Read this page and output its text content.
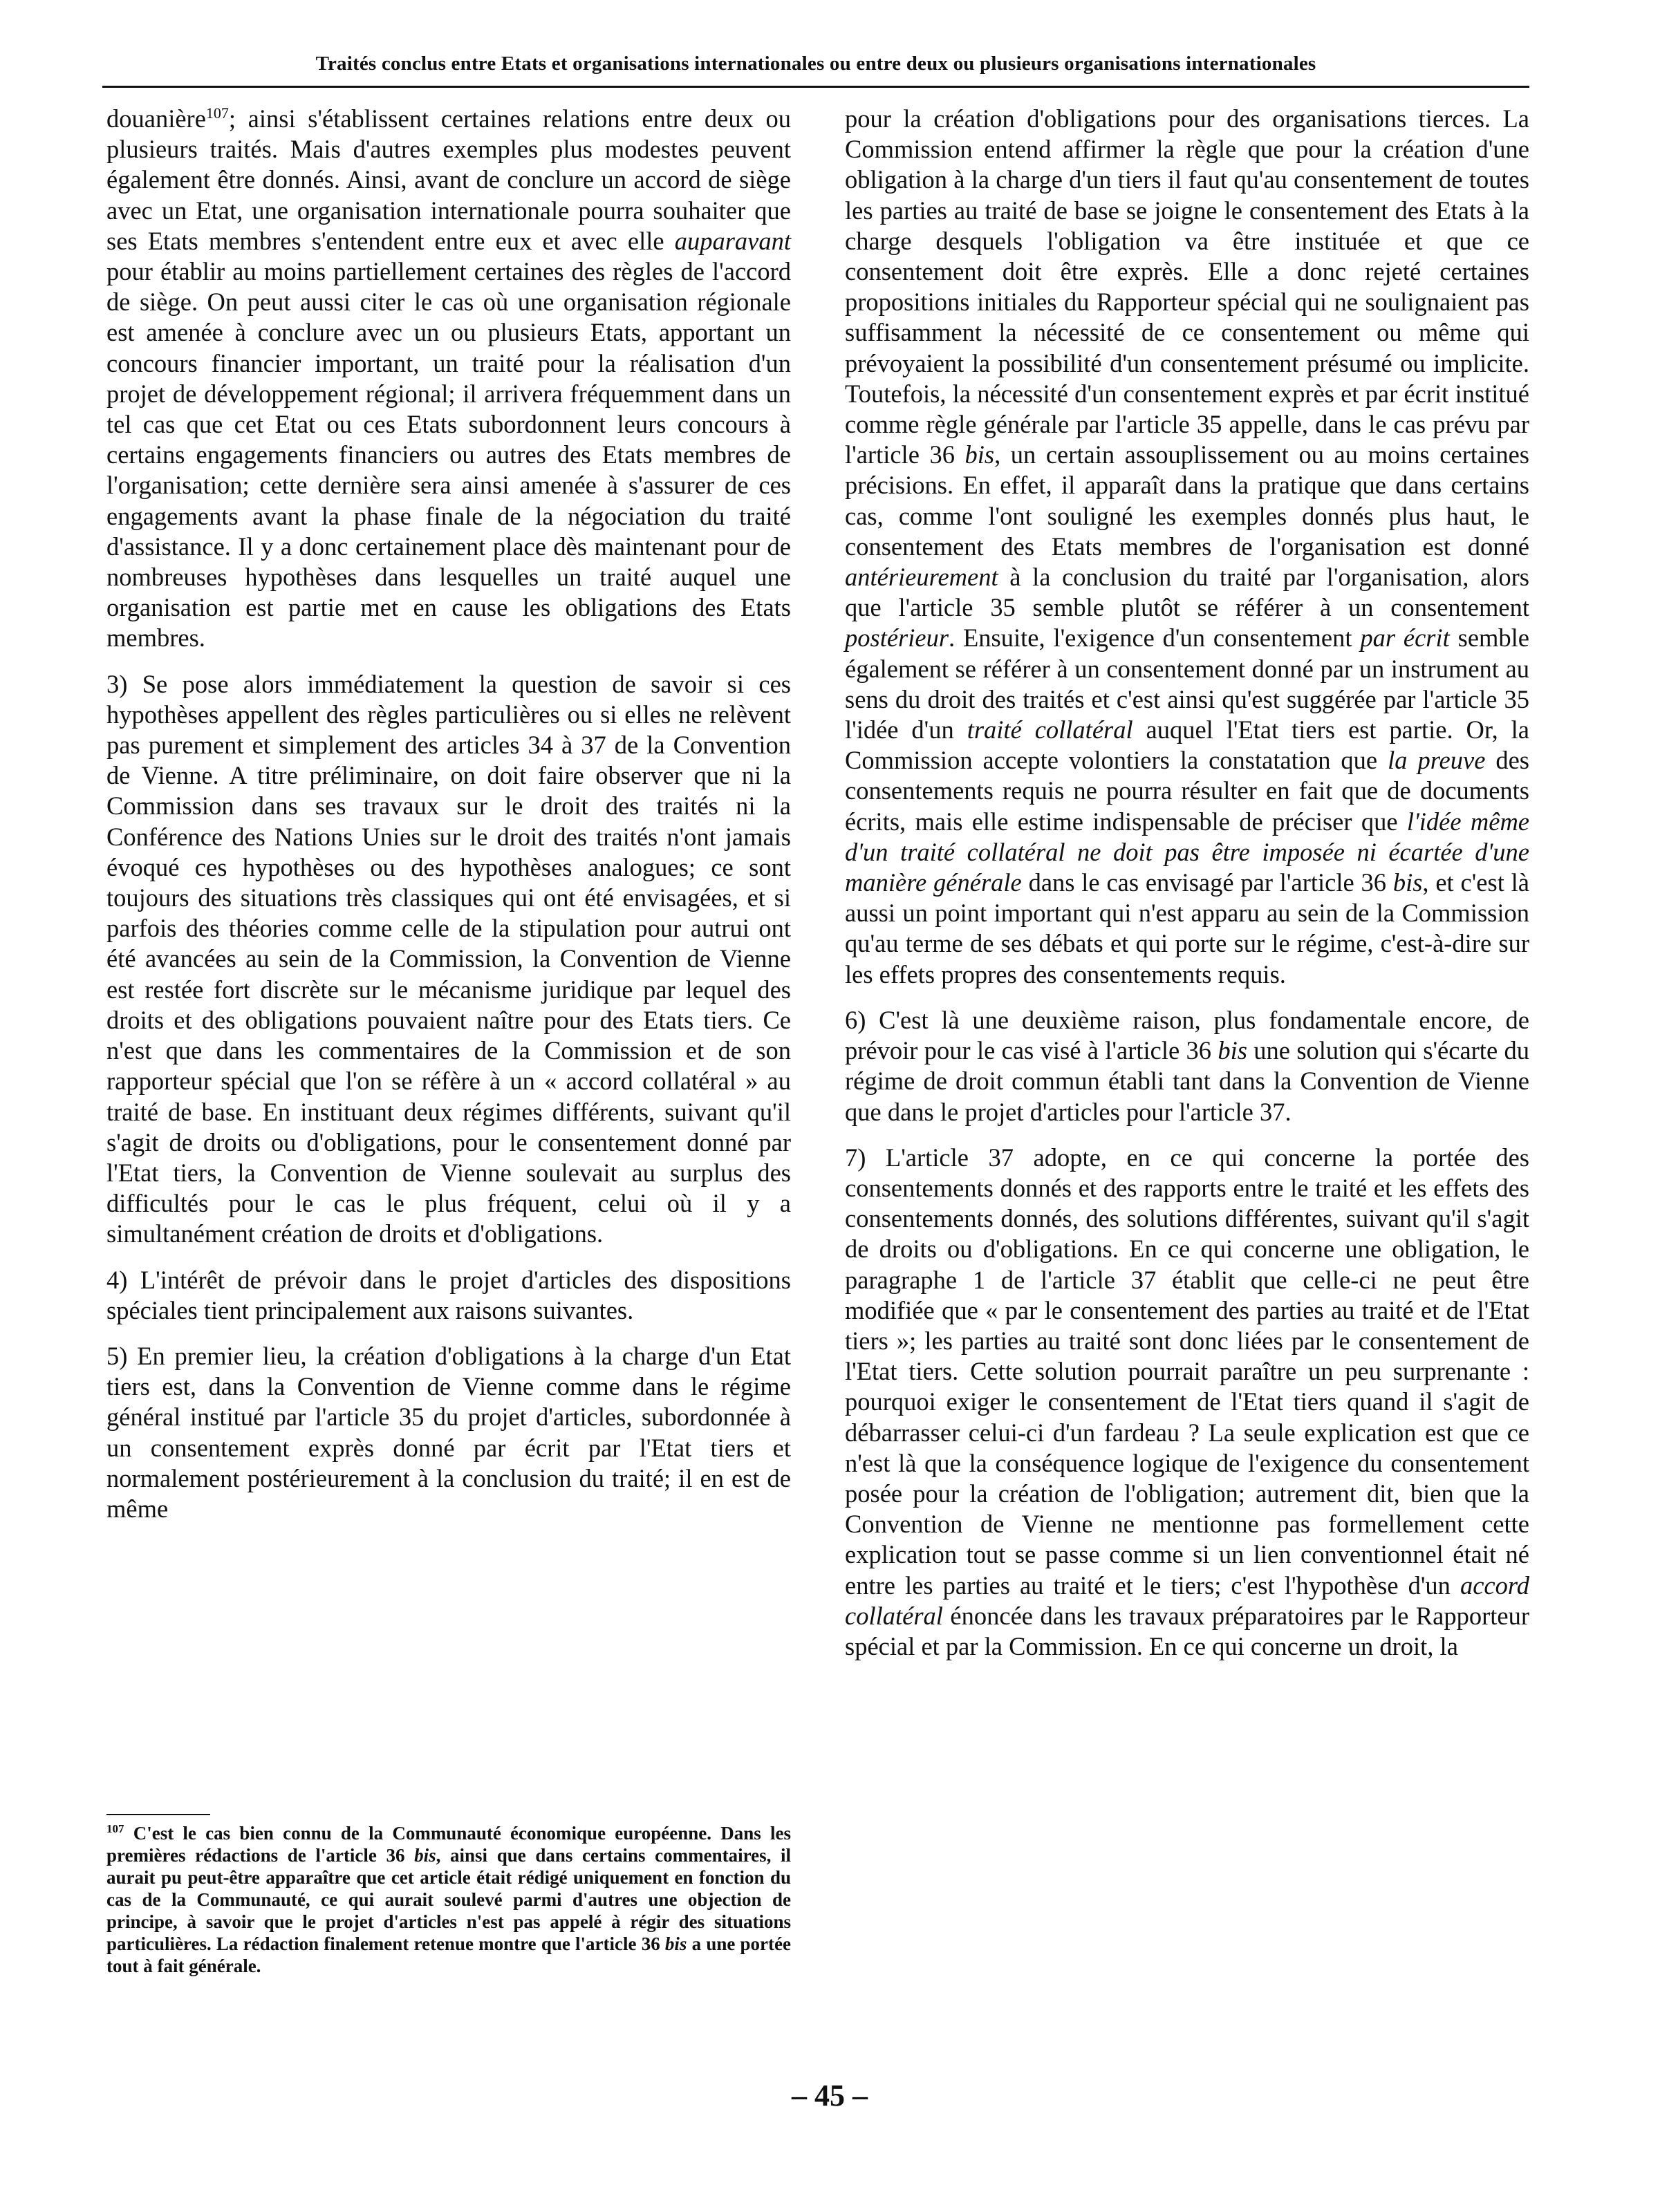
Traités conclus entre Etats et organisations internationales ou entre deux ou plusieurs organisations internationales

douanière$^{107}$; ainsi s'établissent certaines relations entre deux ou plusieurs traités. Mais d'autres exemples plus modestes peuvent également être donnés. Ainsi, avant de conclure un accord de siège avec un Etat, une organisation internationale pourra souhaiter que ses Etats membres s'entendent entre eux et avec elle auparavant pour établir au moins partiellement certaines des règles de l'accord de siège. On peut aussi citer le cas où une organisation régionale est amenée à conclure avec un ou plusieurs Etats, apportant un concours financier important, un traité pour la réalisation d'un projet de développement régional; il arrivera fréquemment dans un tel cas que cet Etat ou ces Etats subordonnent leurs concours à certains engagements financiers ou autres des Etats membres de l'organisation; cette dernière sera ainsi amenée à s'assurer de ces engagements avant la phase finale de la négociation du traité d'assistance. Il y a donc certainement place dès maintenant pour de nombreuses hypothèses dans lesquelles un traité auquel une organisation est partie met en cause les obligations des Etats membres.

3) Se pose alors immédiatement la question de savoir si ces hypothèses appellent des règles particulières ou si elles ne relèvent pas purement et simplement des articles 34 à 37 de la Convention de Vienne. A titre préliminaire, on doit faire observer que ni la Commission dans ses travaux sur le droit des traités ni la Conférence des Nations Unies sur le droit des traités n'ont jamais évoqué ces hypothèses ou des hypothèses analogues; ce sont toujours des situations très classiques qui ont été envisagées, et si parfois des théories comme celle de la stipulation pour autrui ont été avancées au sein de la Commission, la Convention de Vienne est restée fort discrète sur le mécanisme juridique par lequel des droits et des obligations pouvaient naître pour des Etats tiers. Ce n'est que dans les commentaires de la Commission et de son rapporteur spécial que l'on se réfère à un « accord collatéral » au traité de base. En instituant deux régimes différents, suivant qu'il s'agit de droits ou d'obligations, pour le consentement donné par l'Etat tiers, la Convention de Vienne soulevait au surplus des difficultés pour le cas le plus fréquent, celui où il y a simultanément création de droits et d'obligations.

4) L'intérêt de prévoir dans le projet d'articles des dispositions spéciales tient principalement aux raisons suivantes.

5) En premier lieu, la création d'obligations à la charge d'un Etat tiers est, dans la Convention de Vienne comme dans le régime général institué par l'article 35 du projet d'articles, subordonnée à un consentement exprès donné par écrit par l'Etat tiers et normalement postérieurement à la conclusion du traité; il en est de même

$^{107}$ C'est le cas bien connu de la Communauté économique européenne. Dans les premières rédactions de l'article 36 bis, ainsi que dans certains commentaires, il aurait pu peut-être apparaître que cet article était rédigé uniquement en fonction du cas de la Communauté, ce qui aurait soulevé parmi d'autres une objection de principe, à savoir que le projet d'articles n'est pas appelé à régir des situations particulières. La rédaction finalement retenue montre que l'article 36 bis a une portée tout à fait générale.

pour la création d'obligations pour des organisations tierces. La Commission entend affirmer la règle que pour la création d'une obligation à la charge d'un tiers il faut qu'au consentement de toutes les parties au traité de base se joigne le consentement des Etats à la charge desquels l'obligation va être instituée et que ce consentement doit être exprès. Elle a donc rejeté certaines propositions initiales du Rapporteur spécial qui ne soulignaient pas suffisamment la nécessité de ce consentement ou même qui prévoyaient la possibilité d'un consentement présumé ou implicite. Toutefois, la nécessité d'un consentement exprès et par écrit institué comme règle générale par l'article 35 appelle, dans le cas prévu par l'article 36 bis, un certain assouplissement ou au moins certaines précisions. En effet, il apparaît dans la pratique que dans certains cas, comme l'ont souligné les exemples donnés plus haut, le consentement des Etats membres de l'organisation est donné antérieurement à la conclusion du traité par l'organisation, alors que l'article 35 semble plutôt se référer à un consentement postérieur. Ensuite, l'exigence d'un consentement par écrit semble également se référer à un consentement donné par un instrument au sens du droit des traités et c'est ainsi qu'est suggérée par l'article 35 l'idée d'un traité collatéral auquel l'Etat tiers est partie. Or, la Commission accepte volontiers la constatation que la preuve des consentements requis ne pourra résulter en fait que de documents écrits, mais elle estime indispensable de préciser que l'idée même d'un traité collatéral ne doit pas être imposée ni écartée d'une manière générale dans le cas envisagé par l'article 36 bis, et c'est là aussi un point important qui n'est apparu au sein de la Commission qu'au terme de ses débats et qui porte sur le régime, c'est-à-dire sur les effets propres des consentements requis.

6) C'est là une deuxième raison, plus fondamentale encore, de prévoir pour le cas visé à l'article 36 bis une solution qui s'écarte du régime de droit commun établi tant dans la Convention de Vienne que dans le projet d'articles pour l'article 37.

7) L'article 37 adopte, en ce qui concerne la portée des consentements donnés et des rapports entre le traité et les effets des consentements donnés, des solutions différentes, suivant qu'il s'agit de droits ou d'obligations. En ce qui concerne une obligation, le paragraphe 1 de l'article 37 établit que celle-ci ne peut être modifiée que « par le consentement des parties au traité et de l'Etat tiers »; les parties au traité sont donc liées par le consentement de l'Etat tiers. Cette solution pourrait paraître un peu surprenante : pourquoi exiger le consentement de l'Etat tiers quand il s'agit de débarrasser celui-ci d'un fardeau ? La seule explication est que ce n'est là que la conséquence logique de l'exigence du consentement posée pour la création de l'obligation; autrement dit, bien que la Convention de Vienne ne mentionne pas formellement cette explication tout se passe comme si un lien conventionnel était né entre les parties au traité et le tiers; c'est l'hypothèse d'un accord collatéral énoncée dans les travaux préparatoires par le Rapporteur spécial et par la Commission. En ce qui concerne un droit, la

– 45 –
